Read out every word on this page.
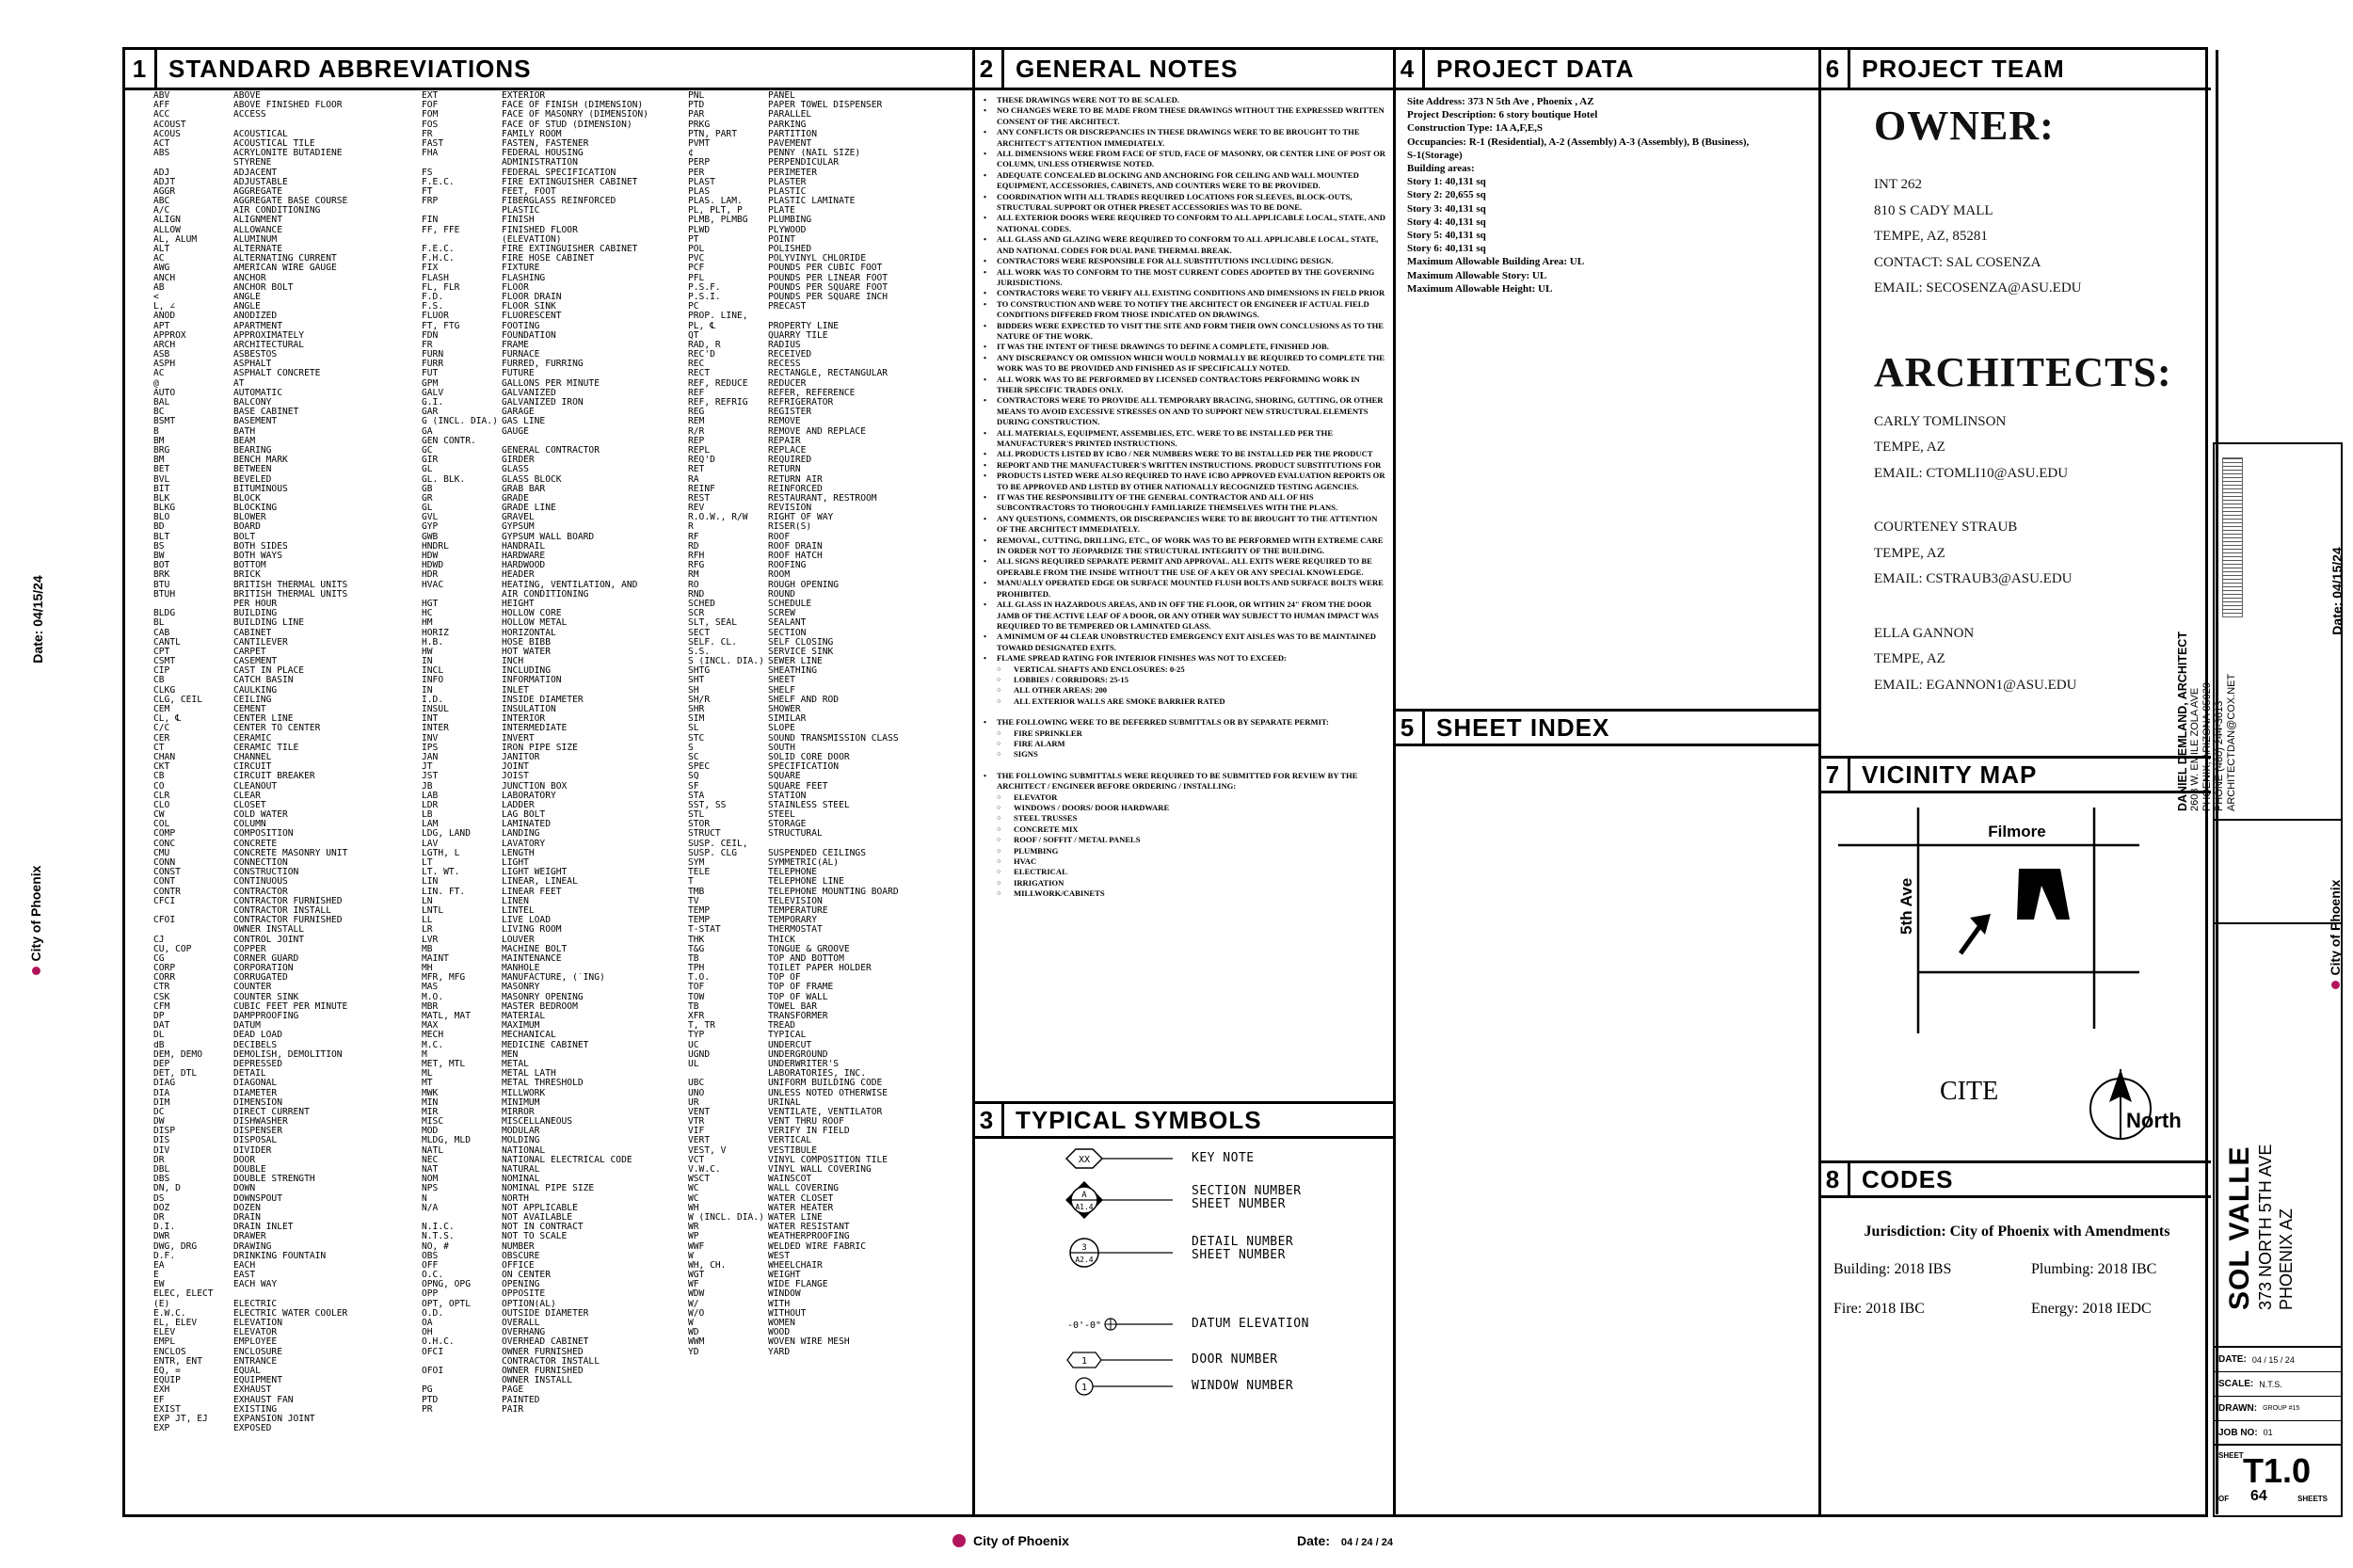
1 STANDARD ABBREVIATIONS	2 GENERAL NOTES	4 PROJECT DATA	6 PROJECT TEAM
3 TYPICAL SYMBOLS
5 SHEET INDEX
7 VICINITY MAP
8 CODES
ABV	ABOVE
AFF	ABOVE FINISHED FLOOR
ACC	ACCESS
ACOUST
ACOUS	ACOUSTICAL
ACT	ACOUSTICAL TILE
ABS	ACRYLONITE BUTADIENE
STYRENE
ADJ	ADJACENT
ADJT	ADJUSTABLE
AGGR	AGGREGATE
ABC	AGGREGATE BASE COURSE
A/C	AIR CONDITIONING
ALIGN	ALIGNMENT
ALLOW	ALLOWANCE
AL, ALUM	ALUMINUM
ALT	ALTERNATE
AC	ALTERNATING CURRENT
AWG	AMERICAN WIRE GAUGE
ANCH	ANCHOR
AB	ANCHOR BOLT
<	ANGLE
L, ∠	ANGLE
ANOD	ANODIZED
APT	APARTMENT
APPROX	APPROXIMATELY
ARCH	ARCHITECTURAL
ASB	ASBESTOS
ASPH	ASPHALT
AC	ASPHALT CONCRETE
@	AT
AUTO	AUTOMATIC
BAL	BALCONY
BC	BASE CABINET
BSMT	BASEMENT
B	BATH
BM	BEAM
BRG	BEARING
BM	BENCH MARK
BET	BETWEEN
BVL	BEVELED
BIT	BITUMINOUS
BLK	BLOCK
BLKG	BLOCKING
BLO	BLOWER
BD	BOARD
BLT	BOLT
BS	BOTH SIDES
BW	BOTH WAYS
BOT	BOTTOM
BRK	BRICK
BTU	BRITISH THERMAL UNITS
BTUH	BRITISH THERMAL UNITS
PER HOUR
BLDG	BUILDING
BL	BUILDING LINE
CAB	CABINET
CANTL	CANTILEVER
CPT	CARPET
CSMT	CASEMENT
CIP	CAST IN PLACE
CB	CATCH BASIN
CLKG	CAULKING
CLG, CEIL	CEILING
CEM	CEMENT
CL, ℄	CENTER LINE
C/C	CENTER TO CENTER
CER	CERAMIC
CT	CERAMIC TILE
CHAN	CHANNEL
CKT	CIRCUIT
CB	CIRCUIT BREAKER
CO	CLEANOUT
CLR	CLEAR
CLO	CLOSET
CW	COLD WATER
COL	COLUMN
COMP	COMPOSITION
CONC	CONCRETE
CMU	CONCRETE MASONRY UNIT
CONN	CONNECTION
CONST	CONSTRUCTION
CONT	CONTINUOUS
CONTR	CONTRACTOR
CFCI	CONTRACTOR FURNISHED
CONTRACTOR INSTALL
CFOI	CONTRACTOR FURNISHED
OWNER INSTALL
CJ	CONTROL JOINT
CU, COP	COPPER
CG	CORNER GUARD
CORP	CORPORATION
CORR	CORRUGATED
CTR	COUNTER
CSK	COUNTER SINK
CFM	CUBIC FEET PER MINUTE
DP	DAMPPROOFING
DAT	DATUM
DL	DEAD LOAD
dB	DECIBELS
DEM, DEMO	DEMOLISH, DEMOLITION
DEP	DEPRESSED
DET, DTL	DETAIL
DIAG	DIAGONAL
DIA	DIAMETER
DIM	DIMENSION
DC	DIRECT CURRENT
DW	DISHWASHER
DISP	DISPENSER
DIS	DISPOSAL
DIV	DIVIDER
DR	DOOR
DBL	DOUBLE
DBS	DOUBLE STRENGTH
DN, D	DOWN
DS	DOWNSPOUT
DOZ	DOZEN
DR	DRAIN
D.I.	DRAIN INLET
DWR	DRAWER
DWG, DRG	DRAWING
D.F.	DRINKING FOUNTAIN
EA	EACH
E	EAST
EW	EACH WAY
ELEC, ELECT
(E)	ELECTRIC
E.W.C.	ELECTRIC WATER COOLER
EL, ELEV	ELEVATION
ELEV	ELEVATOR
EMPL	EMPLOYEE
ENCLOS	ENCLOSURE
ENTR, ENT	ENTRANCE
EQ, =	EQUAL
EQUIP	EQUIPMENT
EXH	EXHAUST
EF	EXHAUST FAN
EXIST	EXISTING
EXP JT, EJ	EXPANSION JOINT
EXP	EXPOSED
EXT	EXTERIOR
FOF	FACE OF FINISH (DIMENSION)
FOM	FACE OF MASONRY (DIMENSION)
FOS	FACE OF STUD (DIMENSION)
FR	FAMILY ROOM
FAST	FASTEN, FASTENER
FHA	FEDERAL HOUSING
ADMINISTRATION
FS	FEDERAL SPECIFICATION
F.E.C.	FIRE EXTINGUISHER CABINET
FT	FEET, FOOT
FRP	FIBERGLASS REINFORCED
PLASTIC
FIN	FINISH
FF, FFE	FINISHED FLOOR
(ELEVATION)
F.E.C.	FIRE EXTINGUISHER CABINET
F.H.C.	FIRE HOSE CABINET
FIX	FIXTURE
FLASH	FLASHING
FL, FLR	FLOOR
F.D.	FLOOR DRAIN
F.S.	FLOOR SINK
FLUOR	FLUORESCENT
FT, FTG	FOOTING
FDN	FOUNDATION
FR	FRAME
FURN	FURNACE
FURR	FURRED, FURRING
FUT	FUTURE
GPM	GALLONS PER MINUTE
GALV	GALVANIZED
G.I.	GALVANIZED IRON
GAR	GARAGE
G (INCL. DIA.) GAS LINE
GA	GAUGE
GEN CONTR.
GC	GENERAL CONTRACTOR
GIR	GIRDER
GL	GLASS
GL. BLK.	GLASS BLOCK
GB	GRAB BAR
GR	GRADE
GL	GRADE LINE
GVL	GRAVEL
GYP	GYPSUM
GWB	GYPSUM WALL BOARD
HNDRL	HANDRAIL
HDW	HARDWARE
HDWD	HARDWOOD
HDR	HEADER
HVAC	HEATING, VENTILATION, AND
AIR CONDITIONING
HGT	HEIGHT
HC	HOLLOW CORE
HM	HOLLOW METAL
HORIZ	HORIZONTAL
H.B.	HOSE BIBB
HW	HOT WATER
IN	INCH
INCL	INCLUDING
INFO	INFORMATION
IN	INLET
I.D.	INSIDE DIAMETER
INSUL	INSULATION
INT	INTERIOR
INTER	INTERMEDIATE
INV	INVERT
IPS	IRON PIPE SIZE
JAN	JANITOR
JT	JOINT
JST	JOIST
JB	JUNCTION BOX
LAB	LABORATORY
LDR	LADDER
LB	LAG BOLT
LAM	LAMINATED
LDG, LAND	LANDING
LAV	LAVATORY
LGTH, L	LENGTH
LT	LIGHT
LT. WT.	LIGHT WEIGHT
LIN	LINEAR, LINEAL
LIN. FT.	LINEAR FEET
LN	LINEN
LNTL	LINTEL
LL	LIVE LOAD
LR	LIVING ROOM
LVR	LOUVER
MB	MACHINE BOLT
MAINT	MAINTENANCE
MH	MANHOLE
MFR, MFG	MANUFACTURE, (`ING)
MAS	MASONRY
M.O.	MASONRY OPENING
MBR	MASTER BEDROOM
MATL, MAT	MATERIAL
MAX	MAXIMUM
MECH	MECHANICAL
M.C.	MEDICINE CABINET
M	MEN
MET, MTL	METAL
ML	METAL LATH
MT	METAL THRESHOLD
MWK	MILLWORK
MIN	MINIMUM
MIR	MIRROR
MISC	MISCELLANEOUS
MOD	MODULAR
MLDG, MLD	MOLDING
NATL	NATIONAL
NEC	NATIONAL ELECTRICAL CODE
NAT	NATURAL
NOM	NOMINAL
NPS	NOMINAL PIPE SIZE
N	NORTH
N/A	NOT APPLICABLE
NOT AVAILABLE
N.I.C.	NOT IN CONTRACT
N.T.S.	NOT TO SCALE
NO, #	NUMBER
OBS	OBSCURE
OFF	OFFICE
O.C.	ON CENTER
OPNG, OPG	OPENING
OPP	OPPOSITE
OPT, OPTL	OPTION(AL)
O.D.	OUTSIDE DIAMETER
OA	OVERALL
OH	OVERHANG
O.H.C.	OVERHEAD CABINET
OFCI	OWNER FURNISHED
CONTRACTOR INSTALL
OFOI	OWNER FURNISHED
OWNER INSTALL
PG	PAGE
PTD	PAINTED
PR	PAIR
PNL	PANEL
PTD	PAPER TOWEL DISPENSER
PAR	PARALLEL
PRKG	PARKING
PTN, PART	PARTITION
PVMT	PAVEMENT
¢	PENNY (NAIL SIZE)
PERP	PERPENDICULAR
PER	PERIMETER
PLAST	PLASTER
PLAS	PLASTIC
PLAS. LAM.	PLASTIC LAMINATE
PL, PLT, P	PLATE
PLMB, PLMBG	PLUMBING
PLWD	PLYWOOD
PT	POINT
POL	POLISHED
PVC	POLYVINYL CHLORIDE
PCF	POUNDS PER CUBIC FOOT
PFL	POUNDS PER LINEAR FOOT
P.S.F.	POUNDS PER SQUARE FOOT
P.S.I.	POUNDS PER SQUARE INCH
PC	PRECAST
PROP. LINE,
PL, ℄	PROPERTY LINE
QT	QUARRY TILE
RAD, R	RADIUS
REC'D	RECEIVED
REC	RECESS
RECT	RECTANGLE, RECTANGULAR
REF, REDUCE	REDUCER
REF	REFER, REFERENCE
REF, REFRIG	REFRIGERATOR
REG	REGISTER
REM	REMOVE
R/R	REMOVE AND REPLACE
REP	REPAIR
REPL	REPLACE
REQ'D	REQUIRED
RET	RETURN
RA	RETURN AIR
REINF	REINFORCED
REST	RESTAURANT, RESTROOM
REV	REVISION
R.O.W., R/W	RIGHT OF WAY
R	RISER(S)
RF	ROOF
RD	ROOF DRAIN
RFH	ROOF HATCH
RFG	ROOFING
RM	ROOM
RO	ROUGH OPENING
RND	ROUND
SCHED	SCHEDULE
SCR	SCREW
SLT, SEAL	SEALANT
SECT	SECTION
SELF. CL.	SELF CLOSING
S.S.	SERVICE SINK
S (INCL. DIA.) SEWER LINE
SHTG	SHEATHING
SHT	SHEET
SH	SHELF
SH/R	SHELF AND ROD
SHR	SHOWER
SIM	SIMILAR
SL	SLOPE
STC	SOUND TRANSMISSION CLASS
S	SOUTH
SC	SOLID CORE DOOR
SPEC	SPECIFICATION
SQ	SQUARE
SF	SQUARE FEET
STA	STATION
SST, SS	STAINLESS STEEL
STL	STEEL
STOR	STORAGE
STRUCT	STRUCTURAL
SUSP. CEIL,
SUSP. CLG	SUSPENDED CEILINGS
SYM	SYMMETRIC(AL)
TELE	TELEPHONE
T	TELEPHONE LINE
TMB	TELEPHONE MOUNTING BOARD
TV	TELEVISION
TEMP	TEMPERATURE
TEMP	TEMPORARY
T-STAT	THERMOSTAT
THK	THICK
T&G	TONGUE & GROOVE
TB	TOP AND BOTTOM
TPH	TOILET PAPER HOLDER
T.O.	TOP OF
TOF	TOP OF FRAME
TOW	TOP OF WALL
TB	TOWEL BAR
XFR	TRANSFORMER
T, TR	TREAD
TYP	TYPICAL
UC	UNDERCUT
UGND	UNDERGROUND
UL	UNDERWRITER'S
LABORATORIES, INC.
UBC	UNIFORM BUILDING CODE
UNO	UNLESS NOTED OTHERWISE
UR	URINAL
VENT	VENTILATE, VENTILATOR
VTR	VENT THRU ROOF
VIF	VERIFY IN FIELD
VERT	VERTICAL
VEST, V	VESTIBULE
VCT	VINYL COMPOSITION TILE
V.W.C.	VINYL WALL COVERING
WSCT	WAINSCOT
WC	WALL COVERING
WC	WATER CLOSET
WH	WATER HEATER
W (INCL. DIA.) WATER LINE
WR	WATER RESISTANT
WP	WEATHERPROOFING
WWF	WELDED WIRE FABRIC
W	WEST
WH, CH.	WHEELCHAIR
WGT	WEIGHT
WF	WIDE FLANGE
WDW	WINDOW
W/	WITH
W/O	WITHOUT
W	WOMEN
WD	WOOD
WWM	WOVEN WIRE MESH
YD	YARD
• THESE DRAWINGS WERE NOT TO BE SCALED.
• NO CHANGES WERE TO BE MADE FROM THESE DRAWINGS WITHOUT THE EXPRESSED WRITTEN CONSENT OF THE ARCHITECT.
• ANY CONFLICTS OR DISCREPANCIES IN THESE DRAWINGS WERE TO BE BROUGHT TO THE ARCHITECT'S ATTENTION IMMEDIATELY.
• ALL DIMENSIONS WERE FROM FACE OF STUD, FACE OF MASONRY, OR CENTER LINE OF POST OR COLUMN, UNLESS OTHERWISE NOTED.
• ADEQUATE CONCEALED BLOCKING AND ANCHORING FOR CEILING AND WALL MOUNTED EQUIPMENT, ACCESSORIES, CABINETS, AND COUNTERS WERE TO BE PROVIDED.
• COORDINATION WITH ALL TRADES REQUIRED LOCATIONS FOR SLEEVES, BLOCK-OUTS, STRUCTURAL SUPPORT OR OTHER PRESET ACCESSORIES WAS TO BE DONE.
• ALL EXTERIOR DOORS WERE REQUIRED TO CONFORM TO ALL APPLICABLE LOCAL, STATE, AND NATIONAL CODES.
• ALL GLASS AND GLAZING WERE REQUIRED TO CONFORM TO ALL APPLICABLE LOCAL, STATE, AND NATIONAL CODES FOR DUAL PANE THERMAL BREAK.
• CONTRACTORS WERE RESPONSIBLE FOR ALL SUBSTITUTIONS INCLUDING DESIGN.
• ALL WORK WAS TO CONFORM TO THE MOST CURRENT CODES ADOPTED BY THE GOVERNING JURISDICTIONS.
• CONTRACTORS WERE TO VERIFY ALL EXISTING CONDITIONS AND DIMENSIONS IN FIELD PRIOR
• TO CONSTRUCTION AND WERE TO NOTIFY THE ARCHITECT OR ENGINEER IF ACTUAL FIELD CONDITIONS DIFFERED FROM THOSE INDICATED ON DRAWINGS.
• BIDDERS WERE EXPECTED TO VISIT THE SITE AND FORM THEIR OWN CONCLUSIONS AS TO THE NATURE OF THE WORK.
• IT WAS THE INTENT OF THESE DRAWINGS TO DEFINE A COMPLETE, FINISHED JOB.
• ANY DISCREPANCY OR OMISSION WHICH WOULD NORMALLY BE REQUIRED TO COMPLETE THE WORK WAS TO BE PROVIDED AND FINISHED AS IF SPECIFICALLY NOTED.
• ALL WORK WAS TO BE PERFORMED BY LICENSED CONTRACTORS PERFORMING WORK IN THEIR SPECIFIC TRADES ONLY.
• CONTRACTORS WERE TO PROVIDE ALL TEMPORARY BRACING, SHORING, GUTTING, OR OTHER MEANS TO AVOID EXCESSIVE STRESSES ON AND TO SUPPORT NEW STRUCTURAL ELEMENTS DURING CONSTRUCTION.
• ALL MATERIALS, EQUIPMENT, ASSEMBLIES, ETC. WERE TO BE INSTALLED PER THE MANUFACTURER'S PRINTED INSTRUCTIONS.
• ALL PRODUCTS LISTED BY ICBO / NER NUMBERS WERE TO BE INSTALLED PER THE PRODUCT
• REPORT AND THE MANUFACTURER'S WRITTEN INSTRUCTIONS. PRODUCT SUBSTITUTIONS FOR
• PRODUCTS LISTED WERE ALSO REQUIRED TO HAVE ICBO APPROVED EVALUATION REPORTS OR TO BE APPROVED AND LISTED BY OTHER NATIONALLY RECOGNIZED TESTING AGENCIES.
• IT WAS THE RESPONSIBILITY OF THE GENERAL CONTRACTOR AND ALL OF HIS SUBCONTRACTORS TO THOROUGHLY FAMILIARIZE THEMSELVES WITH THE PLANS.
• ANY QUESTIONS, COMMENTS, OR DISCREPANCIES WERE TO BE BROUGHT TO THE ATTENTION OF THE ARCHITECT IMMEDIATELY.
• REMOVAL, CUTTING, DRILLING, ETC., OF WORK WAS TO BE PERFORMED WITH EXTREME CARE IN ORDER NOT TO JEOPARDIZE THE STRUCTURAL INTEGRITY OF THE BUILDING.
• ALL SIGNS REQUIRED SEPARATE PERMIT AND APPROVAL. ALL EXITS WERE REQUIRED TO BE OPERABLE FROM THE INSIDE WITHOUT THE USE OF A KEY OR ANY SPECIAL KNOWLEDGE.
• MANUALLY OPERATED EDGE OR SURFACE MOUNTED FLUSH BOLTS AND SURFACE BOLTS WERE PROHIBITED.
• ALL GLASS IN HAZARDOUS AREAS, AND IN OFF THE FLOOR, OR WITHIN 24" FROM THE DOOR JAMB OF THE ACTIVE LEAF OF A DOOR, OR ANY OTHER WAY SUBJECT TO HUMAN IMPACT WAS REQUIRED TO BE TEMPERED OR LAMINATED GLASS.
• A MINIMUM OF 44 CLEAR UNOBSTRUCTED EMERGENCY EXIT AISLES WAS TO BE MAINTAINED TOWARD DESIGNATED EXITS.
• FLAME SPREAD RATING FOR INTERIOR FINISHES WAS NOT TO EXCEED:
○ VERTICAL SHAFTS AND ENCLOSURES: 0-25
○ LOBBIES / CORRIDORS: 25-15
○ ALL OTHER AREAS: 200
○ ALL EXTERIOR WALLS ARE SMOKE BARRIER RATED
• THE FOLLOWING WERE TO BE DEFERRED SUBMITTALS OR BY SEPARATE PERMIT:
○ FIRE SPRINKLER
○ FIRE ALARM
○ SIGNS
• THE FOLLOWING SUBMITTALS WERE REQUIRED TO BE SUBMITTED FOR REVIEW BY THE ARCHITECT / ENGINEER BEFORE ORDERING / INSTALLING:
○ ELEVATOR
○ WINDOWS / DOORS/ DOOR HARDWARE
○ STEEL TRUSSES
○ CONCRETE MIX
○ ROOF / SOFFIT / METAL PANELS
○ PLUMBING
○ HVAC
○ ELECTRICAL
○ IRRIGATION
○ MILLWORK/CABINETS
XX
A
A1.4
3
A2.4
-0'-0"
1
1
KEY NOTE
SECTION NUMBER
SHEET NUMBER
DETAIL NUMBER
SHEET NUMBER
DATUM ELEVATION
DOOR NUMBER
WINDOW NUMBER
Site Address: 373 N 5th Ave , Phoenix , AZ
Project Description: 6 story boutique Hotel
Construction Type: 1A A,F,E,S
Occupancies: R-1 (Residential), A-2 (Assembly) A-3 (Assembly), B (Business),
S-1(Storage)
Building areas:
Story 1: 40,131 sq
Story 2: 20,655 sq
Story 3: 40,131 sq
Story 4: 40,131 sq
Story 5: 40,131 sq
Story 6: 40,131 sq
Maximum Allowable Building Area: UL
Maximum Allowable Story: UL
Maximum Allowable Height: UL
OWNER:

INT 262

810 S CADY MALL

TEMPE, AZ, 85281

CONTACT: SAL COSENZA

EMAIL: SECOSENZA@ASU.EDU

ARCHITECTS:

CARLY TOMLINSON

TEMPE, AZ

EMAIL: CTOMLI10@ASU.EDU

COURTENEY STRAUB

TEMPE, AZ

EMAIL: CSTRAUB3@ASU.EDU

ELLA GANNON

TEMPE, AZ

EMAIL: EGANNON1@ASU.EDU

Filmore
5th Ave
CITE
North
Jurisdiction: City of Phoenix with Amendments
Building: 2018 IBS	Plumbing: 2018 IBC
Fire: 2018 IBC	Energy: 2018 IEDC
DANIEL DEMLAND, ARCHITECT 2603 W. EMILE ZOLA AVE PHOENIX, ARIZONA 85029 PHONE (480) 244-3613 ARCHITECTDAN@COX.NET
SOL VALLE 373 NORTH 5TH AVE PHOENIX AZ
DATE: 04 / 15 / 24
SCALE: N.T.S.
DRAWN: GROUP #15
JOB NO: 01
SHEET T1.0
OF 64	SHEETS
Date: 04/15/24
City of Phoenix
Date: 04/15/24
City of Phoenix
City of Phoenix	Date: 04 / 24 / 24
